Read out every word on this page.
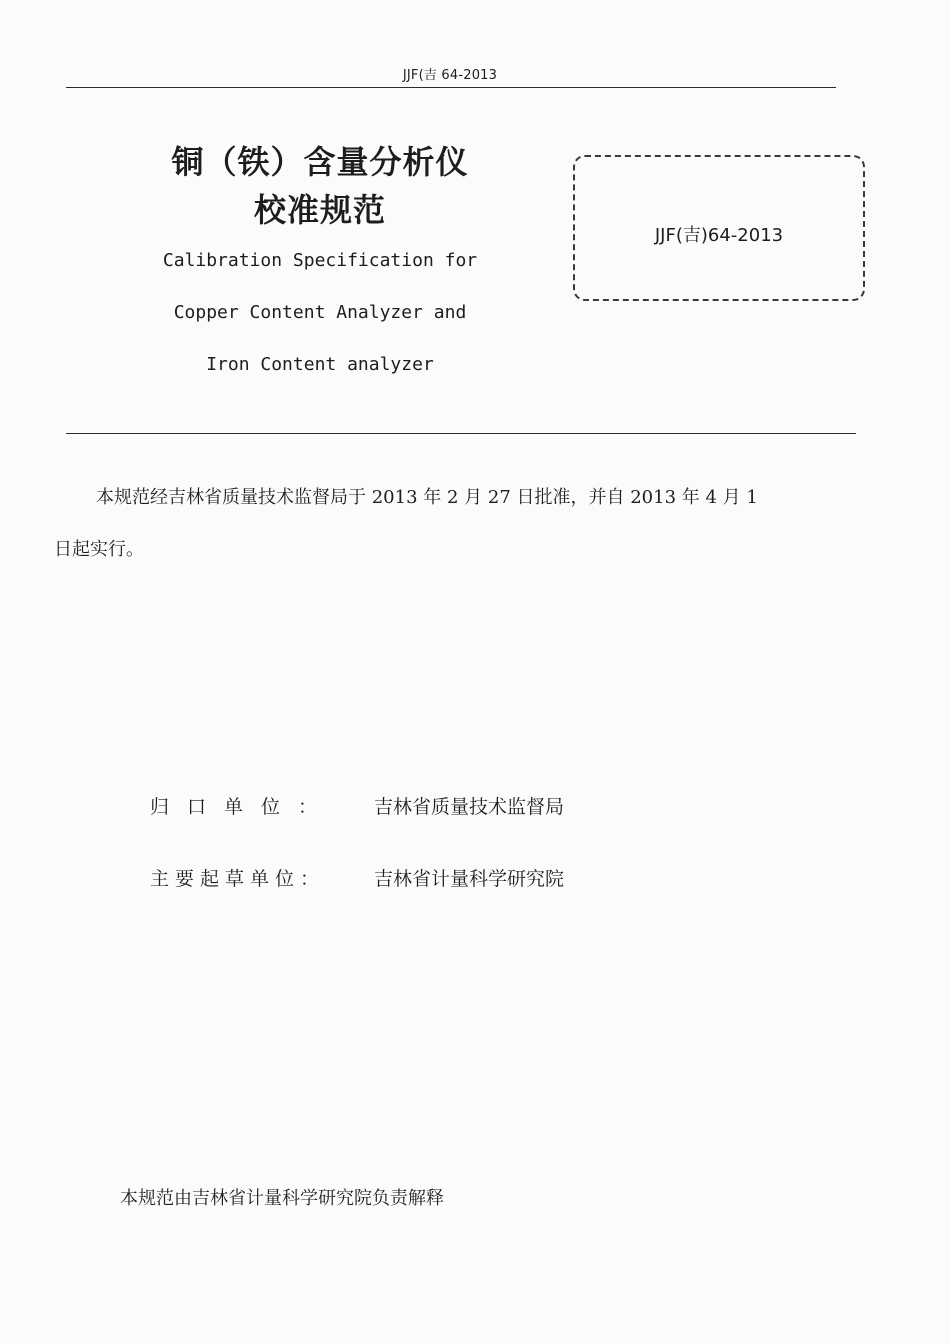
JJF(吉 64-2013
铜（铁）含量分析仪
校准规范
Calibration Specification for
Copper Content Analyzer and
Iron Content analyzer
JJF(吉)64-2013
本规范经吉林省质量技术监督局于 2013 年 2 月 27 日批准，并自 2013 年 4 月 1
日起实行。
归口单位： 吉林省质量技术监督局
主要起草单位：	吉林省计量科学研究院
本规范由吉林省计量科学研究院负责解释
